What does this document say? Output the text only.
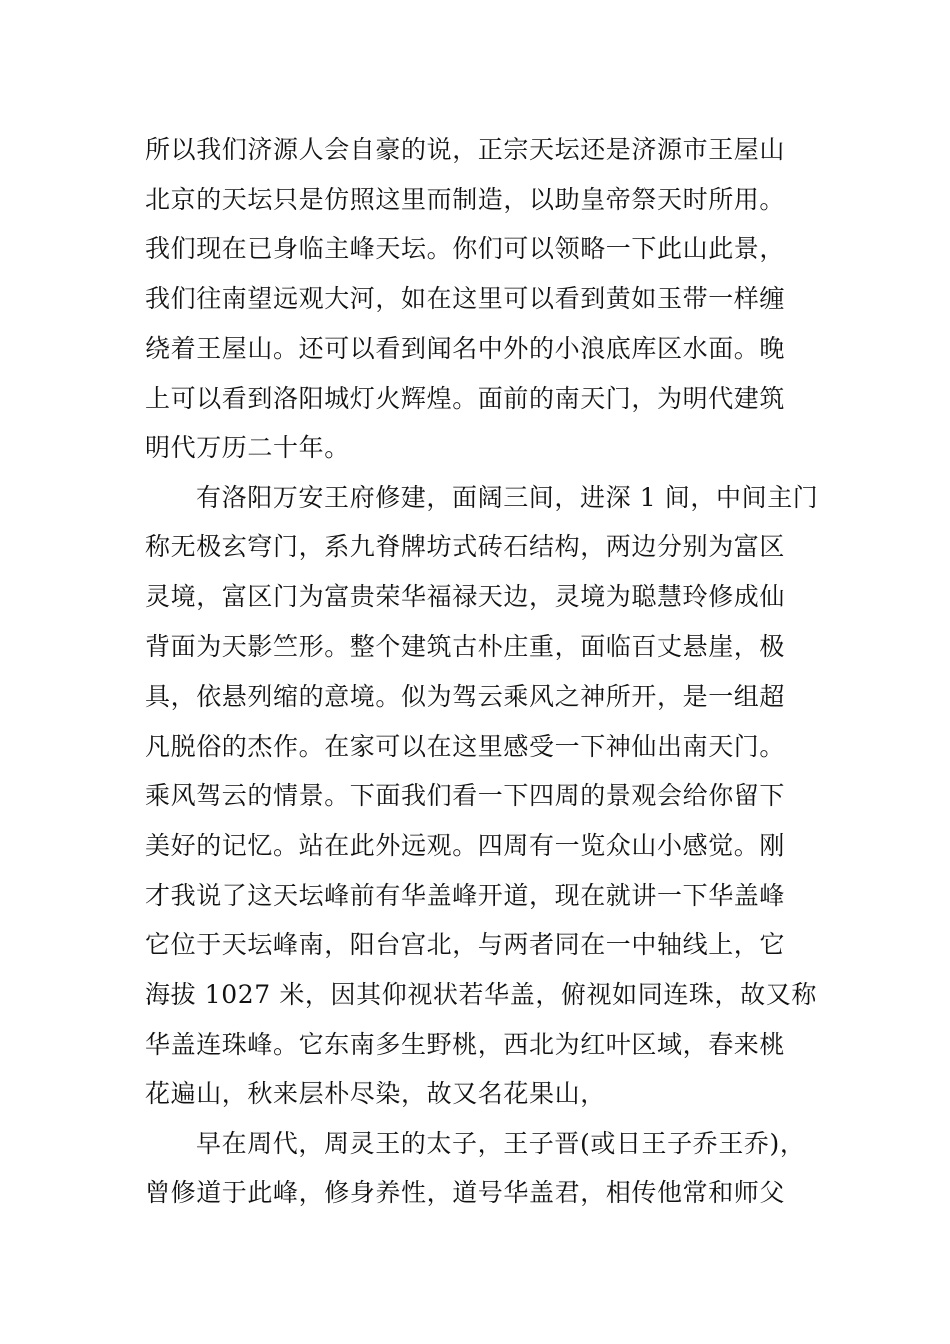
所以我们济源人会自豪的说，正宗天坛还是济源市王屋山
北京的天坛只是仿照这里而制造，以助皇帝祭天时所用。
我们现在已身临主峰天坛。你们可以领略一下此山此景，
我们往南望远观大河，如在这里可以看到黄如玉带一样缠
绕着王屋山。还可以看到闻名中外的小浪底库区水面。晚
上可以看到洛阳城灯火辉煌。面前的南天门，为明代建筑
明代万历二十年。
有洛阳万安王府修建，面阔三间，进深 1 间，中间主门
称无极玄穹门，系九脊牌坊式砖石结构，两边分别为富区
灵境，富区门为富贵荣华福禄天边，灵境为聪慧玲修成仙
背面为天影竺形。整个建筑古朴庄重，面临百丈悬崖，极
具，依悬列缩的意境。似为驾云乘风之神所开，是一组超
凡脱俗的杰作。在家可以在这里感受一下神仙出南天门。
乘风驾云的情景。下面我们看一下四周的景观会给你留下
美好的记忆。站在此外远观。四周有一览众山小感觉。刚
才我说了这天坛峰前有华盖峰开道，现在就讲一下华盖峰
它位于天坛峰南，阳台宫北，与两者同在一中轴线上，它
海拔 1027 米，因其仰视状若华盖，俯视如同连珠，故又称
华盖连珠峰。它东南多生野桃，西北为红叶区域，春来桃
花遍山，秋来层朴尽染，故又名花果山，
早在周代，周灵王的太子，王子晋(或日王子乔王乔)，
曾修道于此峰，修身养性，道号华盖君，相传他常和师父
